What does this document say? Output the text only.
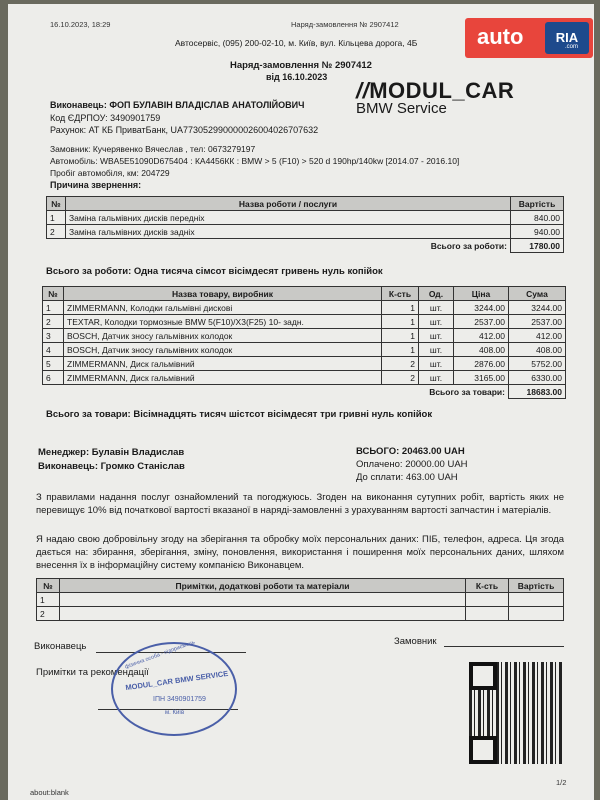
16.10.2023, 18:29	Наряд-замовлення № 2907412	auto	RIA
.com
Автосервіс, (095) 200-02-10, м. Київ, вул. Кільцева дорога, 4Б
Наряд-замовлення № 2907412
від 16.10.2023
//MODUL_CAR
BMW Service
Виконавець: ФОП БУЛАВІН ВЛАДІСЛАВ АНАТОЛІЙОВИЧ
Код ЄДРПОУ: 3490901759
Рахунок: АТ КБ ПриватБанк, UA773052990000026004026707632
Замовник: Кучерявенко Вячеслав , тел: 0673279197
Автомобіль: WBA5E51090D675404 : КА4456КК : BMW > 5 (F10) > 520 d 190hp/140kw [2014.07 - 2016.10]
Пробіг автомобіля, км: 204729
Причина звернення:
№	Назва роботи / послуги	Вартість
1	Заміна гальмівних дисків передніх	840.00
2	Заміна гальмівних дисків задніх	940.00
Всього за роботи:		1780.00
Всього за роботи: Одна тисяча сімсот вісімдесят гривень нуль копійок
№	Назва товару, виробник	К-сть	Од.	Ціна	Сума
1	ZIMMERMANN, Колодки гальмівні дискові	1	шт.	3244.00	3244.00
2	TEXTAR, Колодки тормозные BMW 5(F10)/X3(F25) 10- задн.	1	шт.	2537.00	2537.00
3	BOSCH, Датчик зносу гальмівних колодок	1	шт.	412.00	412.00
4	BOSCH, Датчик зносу гальмівних колодок	1	шт.	408.00	408.00
5	ZIMMERMANN, Диск гальмівний	2	шт.	2876.00	5752.00
6	ZIMMERMANN, Диск гальмівний	2	шт.	3165.00	6330.00
Всього за товари:					18683.00
Всього за товари: Вісімнадцять тисяч шістсот вісімдесят три гривні нуль копійок
Менеджер: Булавін Владислав
Виконавець: Громко Станіслав
ВСЬОГО: 20463.00 UAH
Оплачено: 20000.00 UAH
До сплати: 463.00 UAH
З правилами надання послуг ознайомлений та погоджуюсь. Згоден на виконання сутупних робіт, вартість яких не перевищує 10% від початкової вартості вказаної в наряді-замовленні з урахуванням вартості запчастин і матеріалів.
Я надаю свою добровільну згоду на зберігання та обробку моїх персональних даних: ПІБ, телефон, адреса. Ця згода дається на: збирання, зберігання, зміну, поновлення, використання і поширення моїх персональних даних, шляхом внесення їх в інформаційну систему компанією Виконавцем.
№	Примітки, додаткові роботи та матеріали	К-сть	Вартість
1			
2			
Виконавець	Замовник
Примітки та рекомендації
фізична особа - підприємець
MODUL_CAR BMW SERVICE
ІПН 3490901759
м. Київ
about:blank
1/2
